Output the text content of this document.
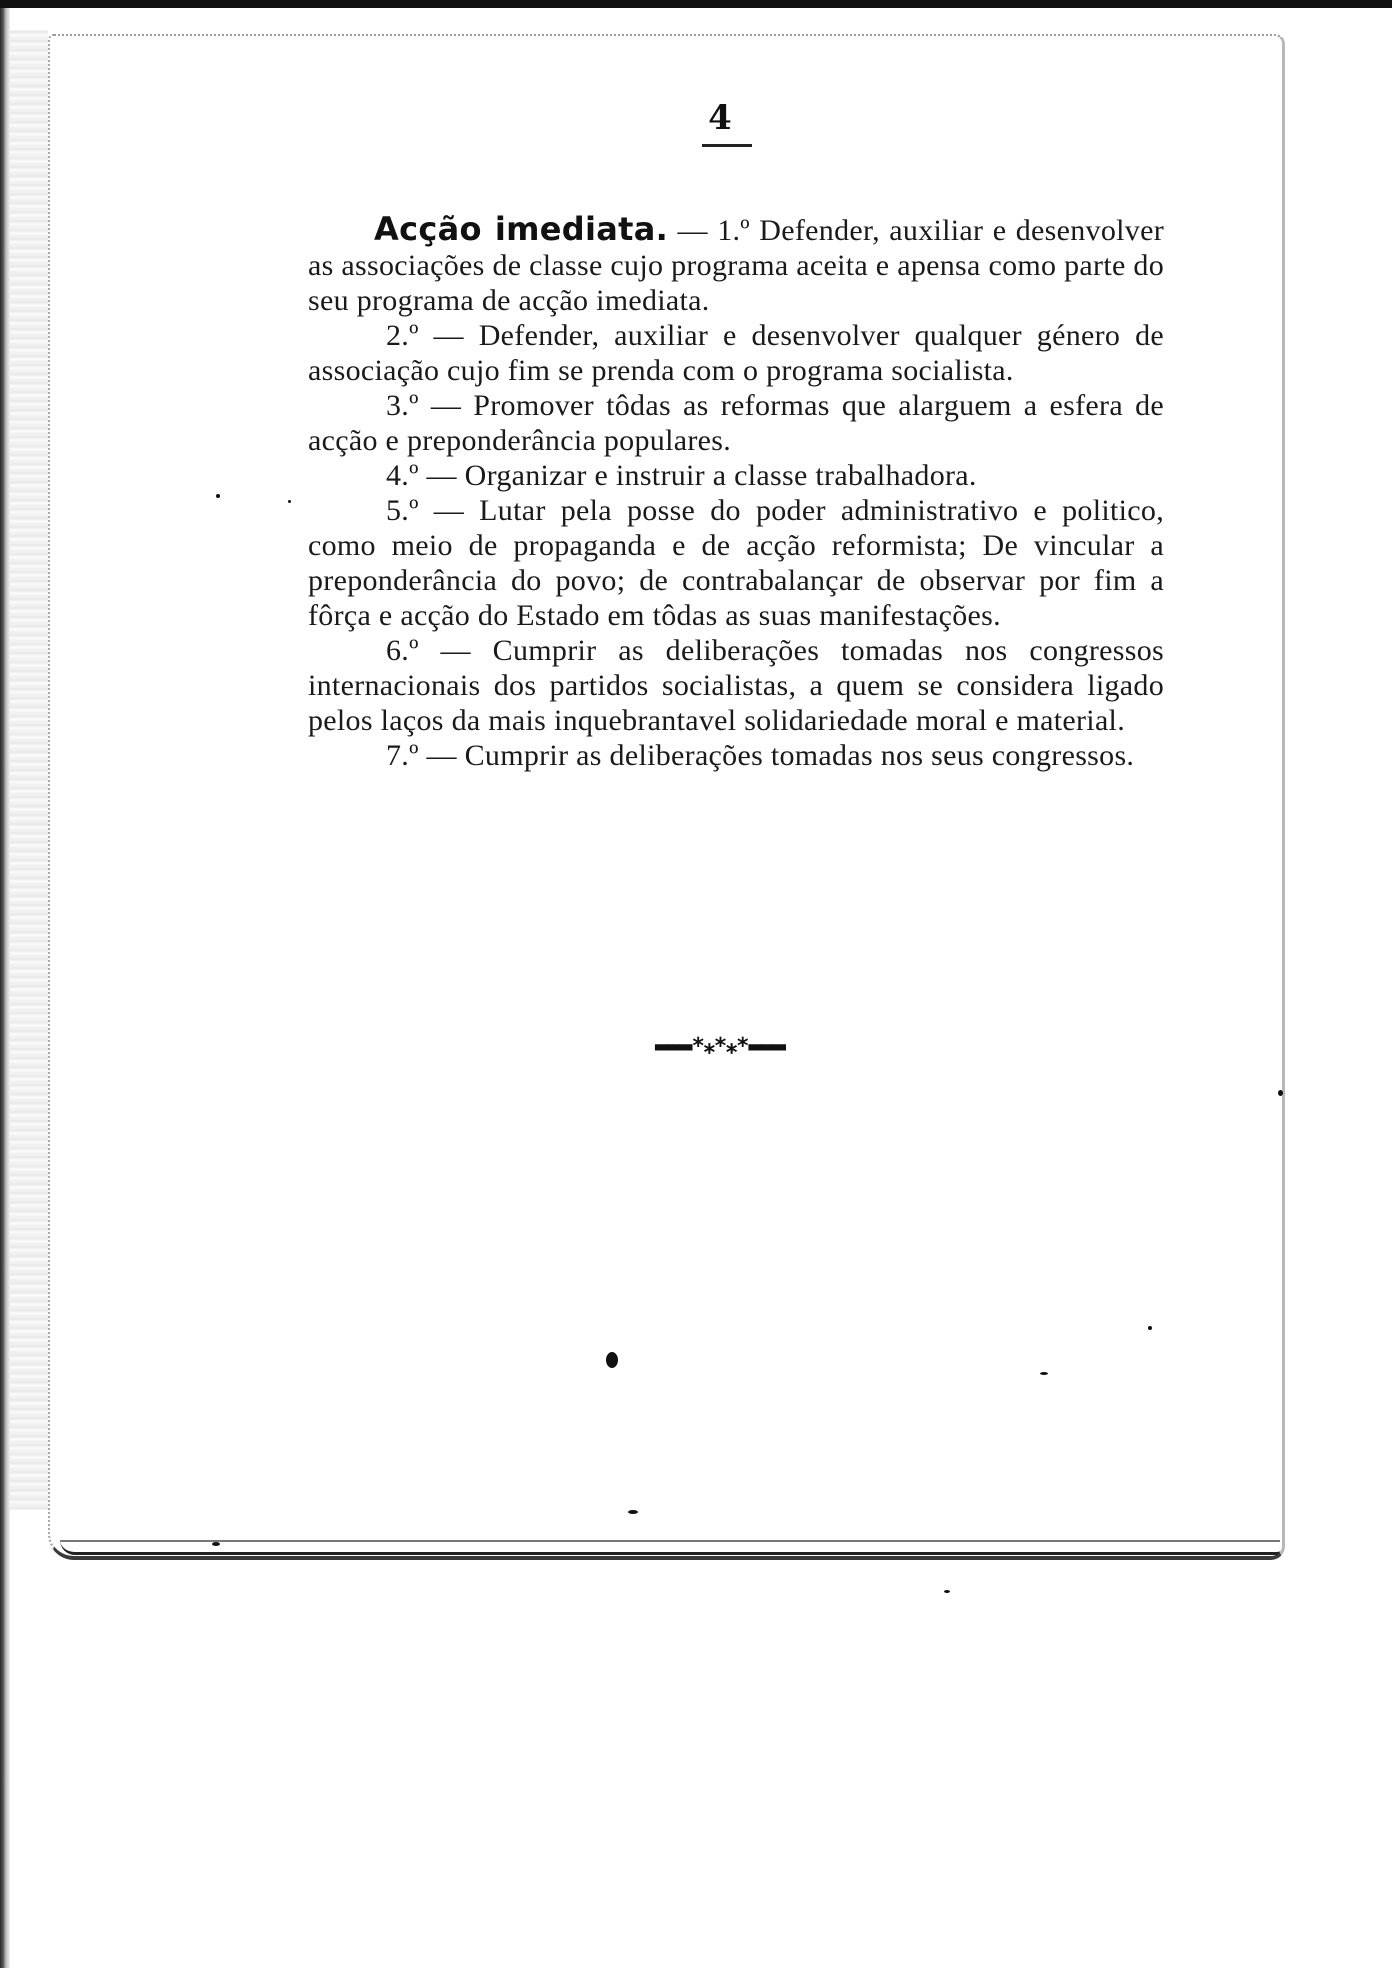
4

Acção imediata. — 1.º Defender, auxiliar e desenvolver as associações de classe cujo programa aceita e apensa como parte do seu programa de acção imediata.

2.º — Defender, auxiliar e desenvolver qualquer género de associação cujo fim se prenda com o programa socialista.

3.º — Promover tôdas as reformas que alarguem a esfera de acção e preponderância populares.

4.º — Organizar e instruir a classe trabalhadora.

5.º — Lutar pela posse do poder administrativo e politico, como meio de propaganda e de acção reformista; De vincular a preponderância do povo; de contrabalançar de observar por fim a fôrça e acção do Estado em tôdas as suas manifestações.

6.º — Cumprir as deliberações tomadas nos congressos internacionais dos partidos socialistas, a quem se considera ligado pelos laços da mais inquebrantavel solidariedade moral e material.

7.º — Cumprir as deliberações tomadas nos seus congressos.

▬▬▬*⁎*⁎*▬▬▬
